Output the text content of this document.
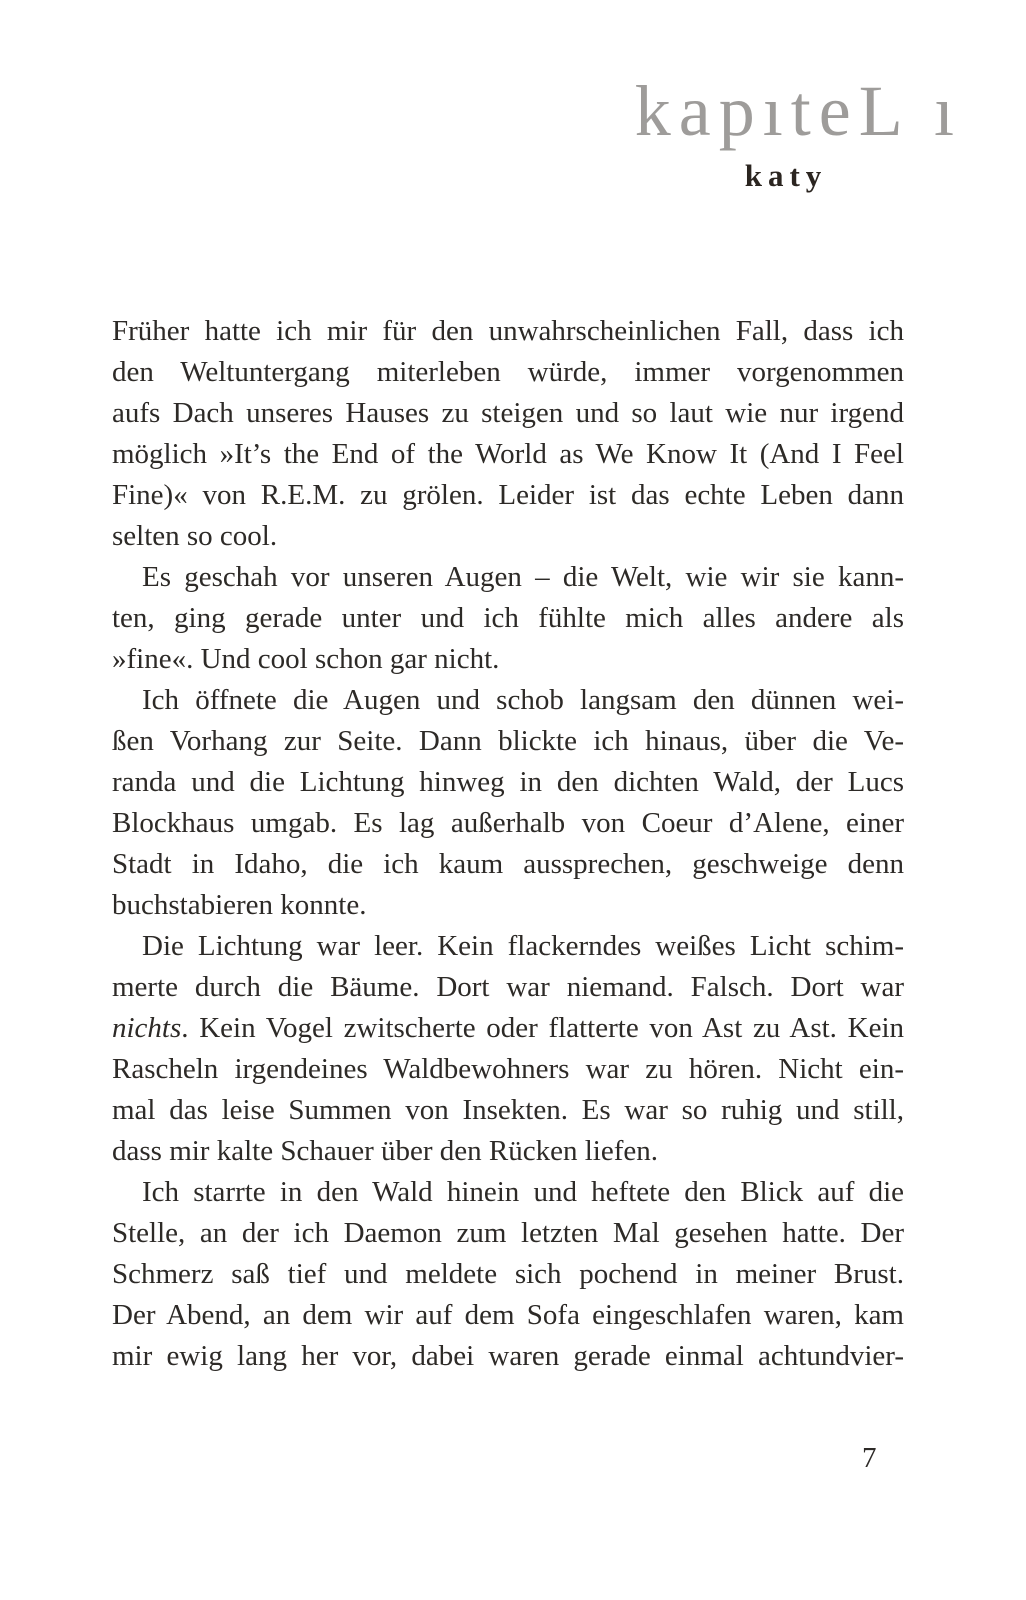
kapıteL ı
katy

Früher hatte ich mir für den unwahrscheinlichen Fall, dass ich
den Weltuntergang miterleben würde, immer vorgenommen
aufs Dach unseres Hauses zu steigen und so laut wie nur irgend
möglich »It’s the End of the World as We Know It (And I Feel
Fine)« von R.E.M. zu grölen. Leider ist das echte Leben dann
selten so cool.

Es geschah vor unseren Augen – die Welt, wie wir sie kann-
ten, ging gerade unter und ich fühlte mich alles andere als
»fine«. Und cool schon gar nicht.

Ich öffnete die Augen und schob langsam den dünnen wei-
ßen Vorhang zur Seite. Dann blickte ich hinaus, über die Ve-
randa und die Lichtung hinweg in den dichten Wald, der Lucs
Blockhaus umgab. Es lag außerhalb von Coeur d’Alene, einer
Stadt in Idaho, die ich kaum aussprechen, geschweige denn
buchstabieren konnte.

Die Lichtung war leer. Kein flackerndes weißes Licht schim-
merte durch die Bäume. Dort war niemand. Falsch. Dort war
nichts. Kein Vogel zwitscherte oder flatterte von Ast zu Ast. Kein
Rascheln irgendeines Waldbewohners war zu hören. Nicht ein-
mal das leise Summen von Insekten. Es war so ruhig und still,
dass mir kalte Schauer über den Rücken liefen.

Ich starrte in den Wald hinein und heftete den Blick auf die
Stelle, an der ich Daemon zum letzten Mal gesehen hatte. Der
Schmerz saß tief und meldete sich pochend in meiner Brust.
Der Abend, an dem wir auf dem Sofa eingeschlafen waren, kam
mir ewig lang her vor, dabei waren gerade einmal achtundvier-

7
